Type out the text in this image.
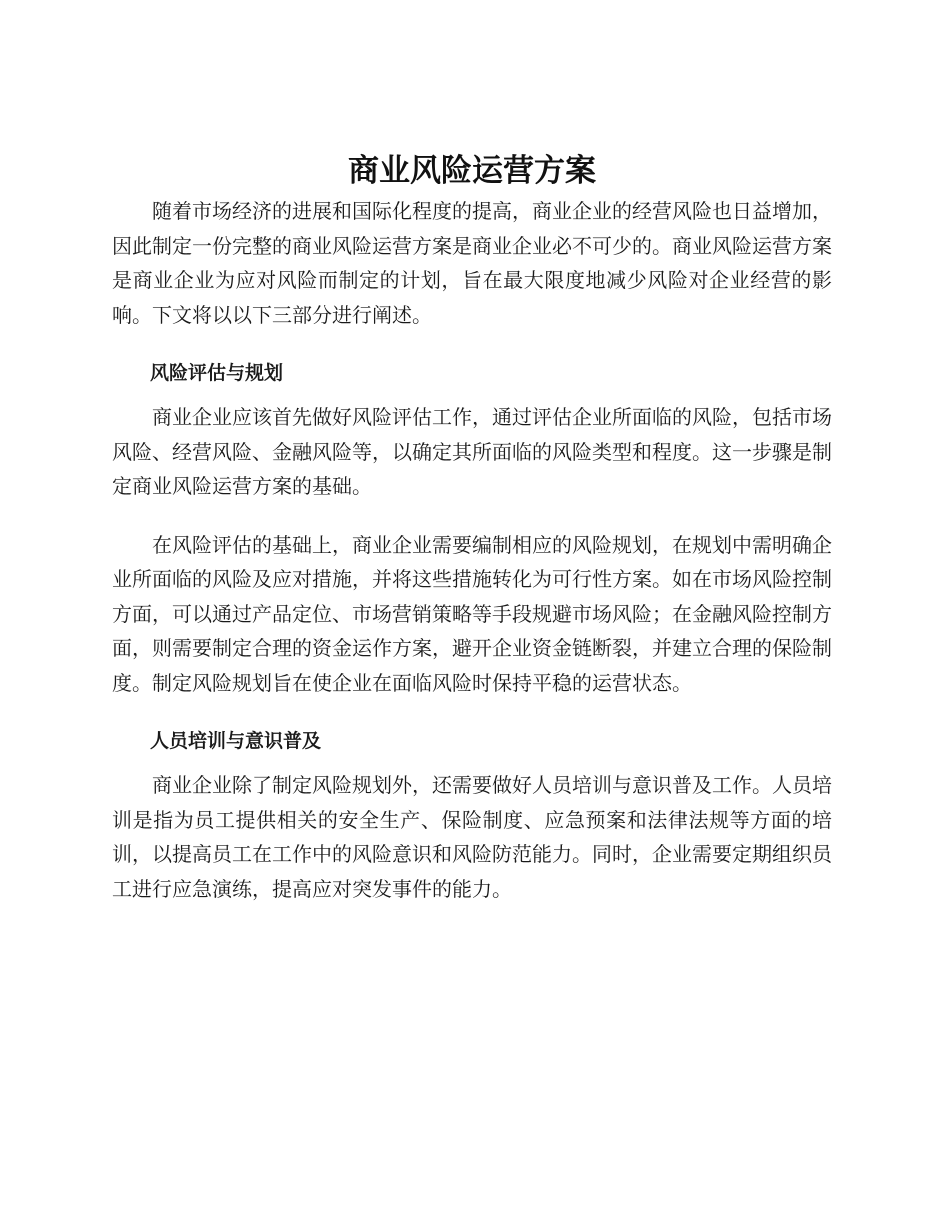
商业风险运营方案

随着市场经济的进展和国际化程度的提高，商业企业的经营风险也日益增加，因此制定一份完整的商业风险运营方案是商业企业必不可少的。商业风险运营方案是商业企业为应对风险而制定的计划，旨在最大限度地减少风险对企业经营的影响。下文将以以下三部分进行阐述。

风险评估与规划

商业企业应该首先做好风险评估工作，通过评估企业所面临的风险，包括市场风险、经营风险、金融风险等，以确定其所面临的风险类型和程度。这一步骤是制定商业风险运营方案的基础。

在风险评估的基础上，商业企业需要编制相应的风险规划，在规划中需明确企业所面临的风险及应对措施，并将这些措施转化为可行性方案。如在市场风险控制方面，可以通过产品定位、市场营销策略等手段规避市场风险；在金融风险控制方面，则需要制定合理的资金运作方案，避开企业资金链断裂，并建立合理的保险制度。制定风险规划旨在使企业在面临风险时保持平稳的运营状态。

人员培训与意识普及

商业企业除了制定风险规划外，还需要做好人员培训与意识普及工作。人员培训是指为员工提供相关的安全生产、保险制度、应急预案和法律法规等方面的培训，以提高员工在工作中的风险意识和风险防范能力。同时，企业需要定期组织员工进行应急演练，提高应对突发事件的能力。
